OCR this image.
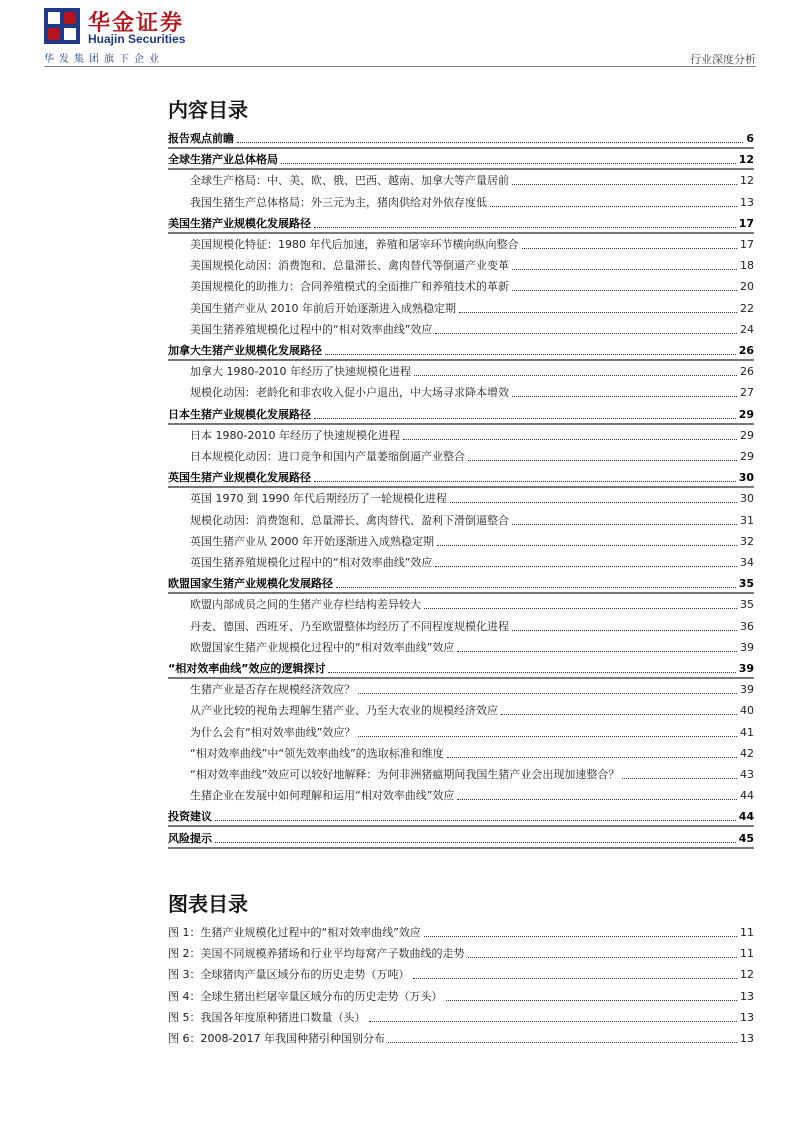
华金证券
Huajin Securities
华发集团旗下企业	行业深度分析
内容目录
报告观点前瞻	6
全球生猪产业总体格局	12
全球生产格局：中、美、欧、俄、巴西、越南、加拿大等产量居前	12
我国生猪生产总体格局：外三元为主，猪肉供给对外依存度低	13
美国生猪产业规模化发展路径	17
美国规模化特征：1980 年代后加速，养殖和屠宰环节横向纵向整合	17
美国规模化动因：消费饱和、总量滞长、禽肉替代等倒逼产业变革	18
美国规模化的助推力：合同养殖模式的全面推广和养殖技术的革新	20
美国生猪产业从 2010 年前后开始逐渐进入成熟稳定期	22
美国生猪养殖规模化过程中的“相对效率曲线”效应	24
加拿大生猪产业规模化发展路径	26
加拿大 1980-2010 年经历了快速规模化进程	26
规模化动因：老龄化和非农收入促小户退出，中大场寻求降本增效	27
日本生猪产业规模化发展路径	29
日本 1980-2010 年经历了快速规模化进程	29
日本规模化动因：进口竞争和国内产量萎缩倒逼产业整合	29
英国生猪产业规模化发展路径	30
英国 1970 到 1990 年代后期经历了一轮规模化进程	30
规模化动因：消费饱和、总量滞长、禽肉替代、盈利下滑倒逼整合	31
英国生猪产业从 2000 年开始逐渐进入成熟稳定期	32
英国生猪养殖规模化过程中的“相对效率曲线”效应	34
欧盟国家生猪产业规模化发展路径	35
欧盟内部成员之间的生猪产业存栏结构差异较大	35
丹麦、德国、西班牙、乃至欧盟整体均经历了不同程度规模化进程	36
欧盟国家生猪产业规模化过程中的“相对效率曲线”效应	39
“相对效率曲线”效应的逻辑探讨	39
生猪产业是否存在规模经济效应？	39
从产业比较的视角去理解生猪产业、乃至大农业的规模经济效应	40
为什么会有“相对效率曲线”效应？	41
“相对效率曲线”中“领先效率曲线”的选取标准和维度	42
“相对效率曲线”效应可以较好地解释：为何非洲猪瘟期间我国生猪产业会出现加速整合？	43
生猪企业在发展中如何理解和运用“相对效率曲线”效应	44
投资建议	44
风险提示	45
图表目录
图 1：生猪产业规模化过程中的“相对效率曲线”效应	11
图 2：美国不同规模养猪场和行业平均每窝产子数曲线的走势	11
图 3：全球猪肉产量区域分布的历史走势（万吨）	12
图 4：全球生猪出栏屠宰量区域分布的历史走势（万头）	13
图 5：我国各年度原种猪进口数量（头）	13
图 6：2008-2017 年我国种猪引种国别分布	13
